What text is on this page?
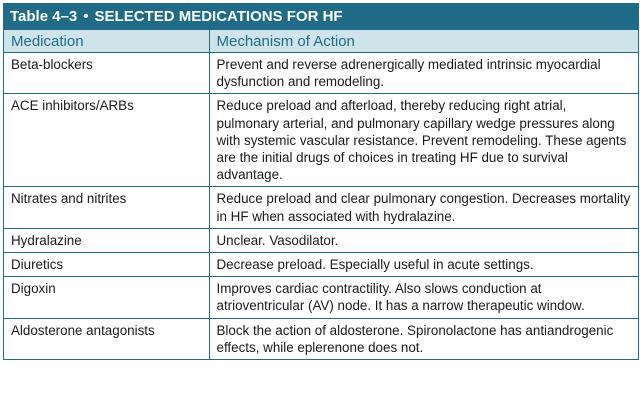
Table 4–3 • SELECTED MEDICATIONS FOR HF
Medication	Mechanism of Action
Beta-blockers	Prevent and reverse adrenergically mediated intrinsic myocardial dysfunction and remodeling.
ACE inhibitors/ARBs	Reduce preload and afterload, thereby reducing right atrial, pulmonary arterial, and pulmonary capillary wedge pressures along with systemic vascular resistance. Prevent remodeling. These agents are the initial drugs of choices in treating HF due to survival advantage.
Nitrates and nitrites	Reduce preload and clear pulmonary congestion. Decreases mortality in HF when associated with hydralazine.
Hydralazine	Unclear. Vasodilator.
Diuretics	Decrease preload. Especially useful in acute settings.
Digoxin	Improves cardiac contractility. Also slows conduction at atrioventricular (AV) node. It has a narrow therapeutic window.
Aldosterone antagonists	Block the action of aldosterone. Spironolactone has antiandrogenic effects, while eplerenone does not.
